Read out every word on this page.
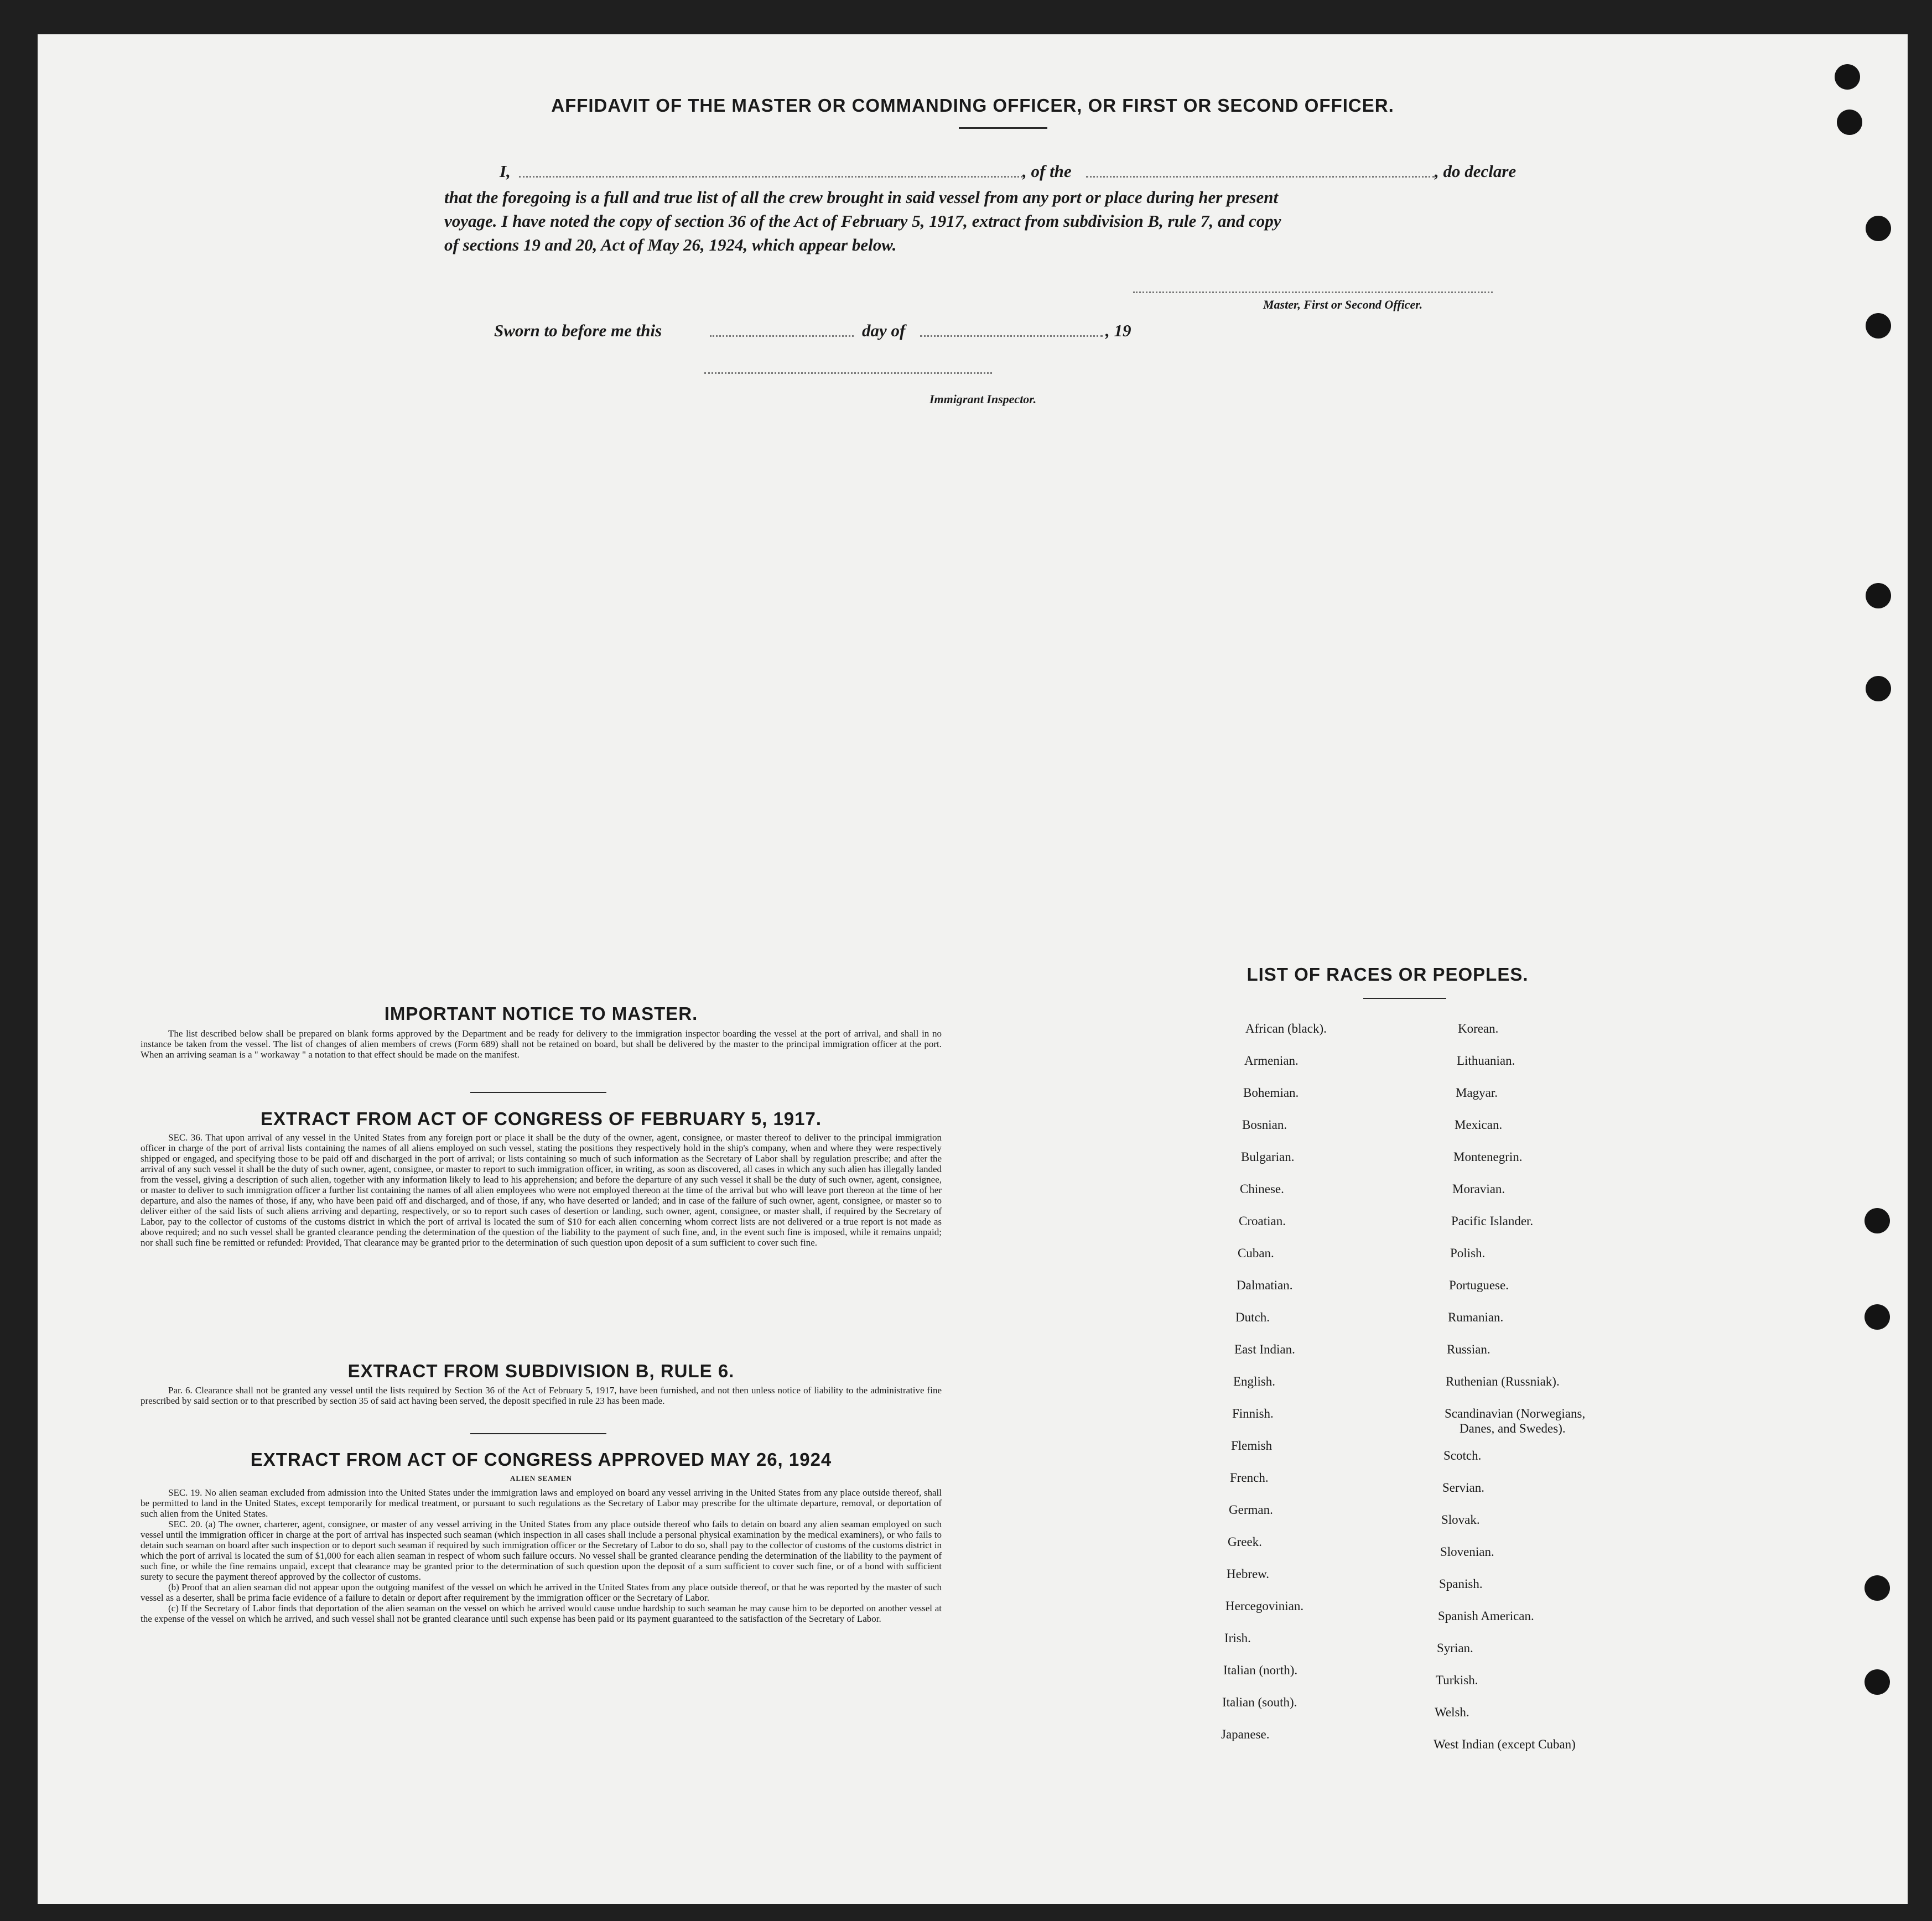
AFFIDAVIT OF THE MASTER OR COMMANDING OFFICER, OR FIRST OR SECOND OFFICER.
I,	, of the	, do declare
that the foregoing is a full and true list of all the crew brought in said vessel from any port or place during her present
voyage. I have noted the copy of section 36 of the Act of February 5, 1917, extract from subdivision B, rule 7, and copy
of sections 19 and 20, Act of May 26, 1924, which appear below.
Master, First or Second Officer.
Sworn to before me this	day of	, 19
Immigrant Inspector.
IMPORTANT NOTICE TO MASTER.

The list described below shall be prepared on blank forms approved by the Department and be ready for delivery to the immigration inspector boarding the vessel at the port of arrival, and shall in no instance be taken from the vessel. The list of changes of alien members of crews (Form 689) shall not be retained on board, but shall be delivered by the master to the principal immigration officer at the port. When an arriving seaman is a " workaway " a notation to that effect should be made on the manifest.

EXTRACT FROM ACT OF CONGRESS OF FEBRUARY 5, 1917.

SEC. 36. That upon arrival of any vessel in the United States from any foreign port or place it shall be the duty of the owner, agent, consignee, or master thereof to deliver to the principal immigration officer in charge of the port of arrival lists containing the names of all aliens employed on such vessel, stating the positions they respectively hold in the ship's company, when and where they were respectively shipped or engaged, and specifying those to be paid off and discharged in the port of arrival; or lists containing so much of such information as the Secretary of Labor shall by regulation prescribe; and after the arrival of any such vessel it shall be the duty of such owner, agent, consignee, or master to report to such immigration officer, in writing, as soon as discovered, all cases in which any such alien has illegally landed from the vessel, giving a description of such alien, together with any information likely to lead to his apprehension; and before the departure of any such vessel it shall be the duty of such owner, agent, consignee, or master to deliver to such immigration officer a further list containing the names of all alien employees who were not employed thereon at the time of the arrival but who will leave port thereon at the time of her departure, and also the names of those, if any, who have been paid off and discharged, and of those, if any, who have deserted or landed; and in case of the failure of such owner, agent, consignee, or master so to deliver either of the said lists of such aliens arriving and departing, respectively, or so to report such cases of desertion or landing, such owner, agent, consignee, or master shall, if required by the Secretary of Labor, pay to the collector of customs of the customs district in which the port of arrival is located the sum of $10 for each alien concerning whom correct lists are not delivered or a true report is not made as above required; and no such vessel shall be granted clearance pending the determination of the question of the liability to the payment of such fine, and, in the event such fine is imposed, while it remains unpaid; nor shall such fine be remitted or refunded: Provided, That clearance may be granted prior to the determination of such question upon deposit of a sum sufficient to cover such fine.

EXTRACT FROM SUBDIVISION B, RULE 6.

Par. 6. Clearance shall not be granted any vessel until the lists required by Section 36 of the Act of February 5, 1917, have been furnished, and not then unless notice of liability to the administrative fine prescribed by said section or to that prescribed by section 35 of said act having been served, the deposit specified in rule 23 has been made.

EXTRACT FROM ACT OF CONGRESS APPROVED MAY 26, 1924
ALIEN SEAMEN

SEC. 19. No alien seaman excluded from admission into the United States under the immigration laws and employed on board any vessel arriving in the United States from any place outside thereof, shall be permitted to land in the United States, except temporarily for medical treatment, or pursuant to such regulations as the Secretary of Labor may prescribe for the ultimate departure, removal, or deportation of such alien from the United States.

SEC. 20. (a) The owner, charterer, agent, consignee, or master of any vessel arriving in the United States from any place outside thereof who fails to detain on board any alien seaman employed on such vessel until the immigration officer in charge at the port of arrival has inspected such seaman (which inspection in all cases shall include a personal physical examination by the medical examiners), or who fails to detain such seaman on board after such inspection or to deport such seaman if required by such immigration officer or the Secretary of Labor to do so, shall pay to the collector of customs of the customs district in which the port of arrival is located the sum of $1,000 for each alien seaman in respect of whom such failure occurs. No vessel shall be granted clearance pending the determination of the liability to the payment of such fine, or while the fine remains unpaid, except that clearance may be granted prior to the determination of such question upon the deposit of a sum sufficient to cover such fine, or of a bond with sufficient surety to secure the payment thereof approved by the collector of customs.

(b) Proof that an alien seaman did not appear upon the outgoing manifest of the vessel on which he arrived in the United States from any place outside thereof, or that he was reported by the master of such vessel as a deserter, shall be prima facie evidence of a failure to detain or deport after requirement by the immigration officer or the Secretary of Labor.

(c) If the Secretary of Labor finds that deportation of the alien seaman on the vessel on which he arrived would cause undue hardship to such seaman he may cause him to be deported on another vessel at the expense of the vessel on which he arrived, and such vessel shall not be granted clearance until such expense has been paid or its payment guaranteed to the satisfaction of the Secretary of Labor.

LIST OF RACES OR PEOPLES.
African (black).
Armenian.
Bohemian.
Bosnian.
Bulgarian.
Chinese.
Croatian.
Cuban.
Dalmatian.
Dutch.
East Indian.
English.
Finnish.
Flemish
French.
German.
Greek.
Hebrew.
Hercegovinian.
Irish.
Italian (north).
Italian (south).
Japanese.
Korean.
Lithuanian.
Magyar.
Mexican.
Montenegrin.
Moravian.
Pacific Islander.
Polish.
Portuguese.
Rumanian.
Russian.
Ruthenian (Russniak).
Scandinavian (Norwegians,
Scotch.
Servian.
Slovak.
Slovenian.
Spanish.
Spanish American.
Syrian.
Turkish.
Welsh.
West Indian (except Cuban)
Danes, and Swedes).
